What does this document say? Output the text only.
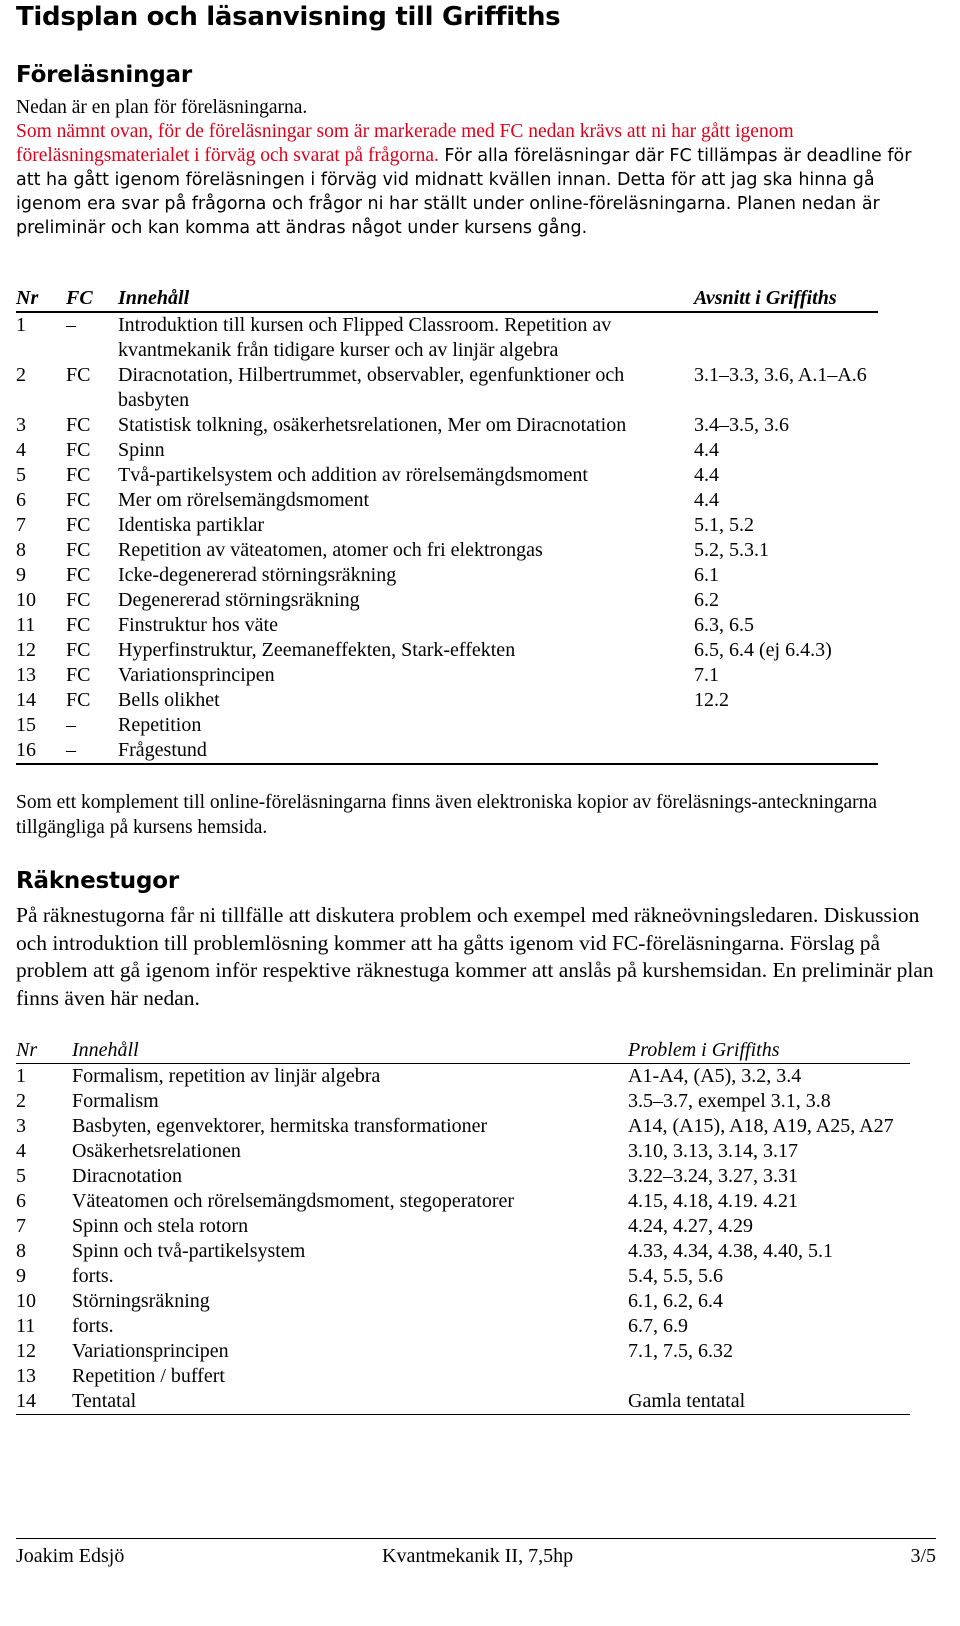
Tidsplan och läsanvisning till Griffiths
Föreläsningar
Nedan är en plan för föreläsningarna.
Som nämnt ovan, för de föreläsningar som är markerade med FC nedan krävs att ni har gått igenom föreläsningsmaterialet i förväg och svarat på frågorna. För alla föreläsningar där FC tillämpas är deadline för att ha gått igenom föreläsningen i förväg vid midnatt kvällen innan. Detta för att jag ska hinna gå igenom era svar på frågorna och frågor ni har ställt under online-föreläsningarna. Planen nedan är preliminär och kan komma att ändras något under kursens gång.
Nr	FC	Innehåll	Avsnitt i Griffiths
1	–	Introduktion till kursen och Flipped Classroom. Repetition av kvantmekanik från tidigare kurser och av linjär algebra	
2	FC	Diracnotation, Hilbertrummet, observabler, egenfunktioner och basbyten	3.1–3.3, 3.6, A.1–A.6
3	FC	Statistisk tolkning, osäkerhetsrelationen, Mer om Diracnotation	3.4–3.5, 3.6
4	FC	Spinn	4.4
5	FC	Två-partikelsystem och addition av rörelsemängdsmoment	4.4
6	FC	Mer om rörelsemängdsmoment	4.4
7	FC	Identiska partiklar	5.1, 5.2
8	FC	Repetition av väteatomen, atomer och fri elektrongas	5.2, 5.3.1
9	FC	Icke-degenererad störningsräkning	6.1
10	FC	Degenererad störningsräkning	6.2
11	FC	Finstruktur hos väte	6.3, 6.5
12	FC	Hyperfinstruktur, Zeemaneffekten, Stark-effekten	6.5, 6.4 (ej 6.4.3)
13	FC	Variationsprincipen	7.1
14	FC	Bells olikhet	12.2
15	–	Repetition	
16	–	Frågestund	
Som ett komplement till online-föreläsningarna finns även elektroniska kopior av föreläsnings-anteckningarna tillgängliga på kursens hemsida.
Räknestugor
På räknestugorna får ni tillfälle att diskutera problem och exempel med räkneövningsledaren. Diskussion och introduktion till problemlösning kommer att ha gåtts igenom vid FC-föreläsningarna. Förslag på problem att gå igenom inför respektive räknestuga kommer att anslås på kurshemsidan. En preliminär plan finns även här nedan.
Nr	Innehåll	Problem i Griffiths
1	Formalism, repetition av linjär algebra	A1-A4, (A5), 3.2, 3.4
2	Formalism	3.5–3.7, exempel 3.1, 3.8
3	Basbyten, egenvektorer, hermitska transformationer	A14, (A15), A18, A19, A25, A27
4	Osäkerhetsrelationen	3.10, 3.13, 3.14, 3.17
5	Diracnotation	3.22–3.24, 3.27, 3.31
6	Väteatomen och rörelsemängdsmoment, stegoperatorer	4.15, 4.18, 4.19. 4.21
7	Spinn och stela rotorn	4.24, 4.27, 4.29
8	Spinn och två-partikelsystem	4.33, 4.34, 4.38, 4.40, 5.1
9	forts.	5.4, 5.5, 5.6
10	Störningsräkning	6.1, 6.2, 6.4
11	forts.	6.7, 6.9
12	Variationsprincipen	7.1, 7.5, 6.32
13	Repetition / buffert	
14	Tentatal	Gamla tentatal
Joakim Edsjö	Kvantmekanik II, 7,5hp	3/5
